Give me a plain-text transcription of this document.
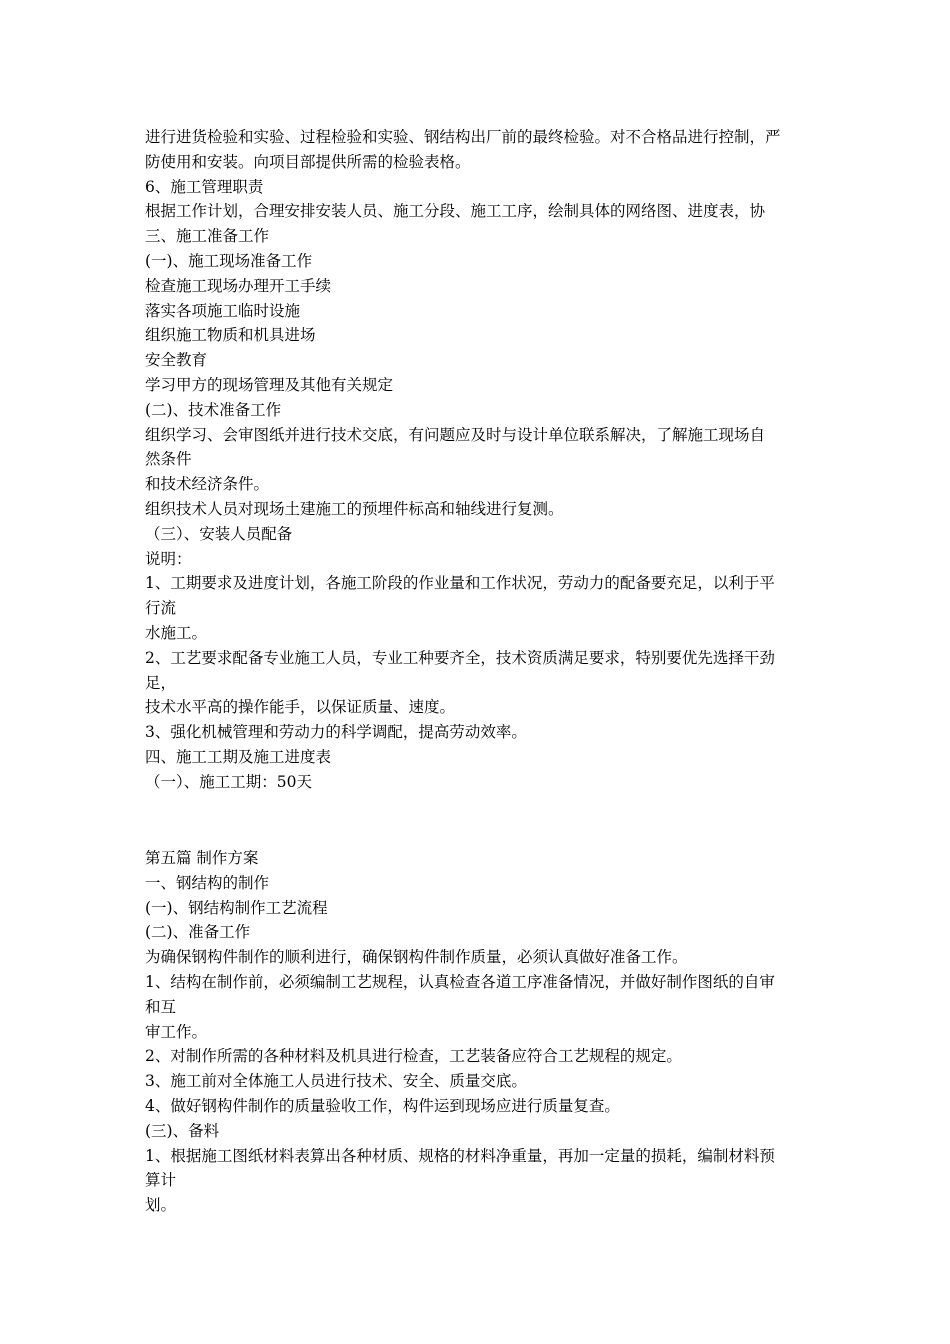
进行进货检验和实验、过程检验和实验、钢结构出厂前的最终检验。对不合格品进行控制，严
防使用和安装。向项目部提供所需的检验表格。
6、施工管理职责
根据工作计划，合理安排安装人员、施工分段、施工工序，绘制具体的网络图、进度表，协
三、施工准备工作
(一)、施工现场准备工作
检查施工现场办理开工手续
落实各项施工临时设施
组织施工物质和机具进场
安全教育
学习甲方的现场管理及其他有关规定
(二)、技术准备工作
组织学习、会审图纸并进行技术交底，有问题应及时与设计单位联系解决，了解施工现场自
然条件
和技术经济条件。
组织技术人员对现场土建施工的预埋件标高和轴线进行复测。
（三）、安装人员配备
说明：
1、工期要求及进度计划，各施工阶段的作业量和工作状况，劳动力的配备要充足，以利于平
行流
水施工。
2、工艺要求配备专业施工人员，专业工种要齐全，技术资质满足要求，特别要优先选择干劲
足，
技术水平高的操作能手，以保证质量、速度。
3、强化机械管理和劳动力的科学调配，提高劳动效率。
四、施工工期及施工进度表
（一）、施工工期：50天
第五篇 制作方案
一、钢结构的制作
(一)、钢结构制作工艺流程
(二)、准备工作
为确保钢构件制作的顺利进行，确保钢构件制作质量，必须认真做好准备工作。
1、结构在制作前，必须编制工艺规程，认真检查各道工序准备情况，并做好制作图纸的自审
和互
审工作。
2、对制作所需的各种材料及机具进行检查，工艺装备应符合工艺规程的规定。
3、施工前对全体施工人员进行技术、安全、质量交底。
4、做好钢构件制作的质量验收工作，构件运到现场应进行质量复查。
(三)、备料
1、根据施工图纸材料表算出各种材质、规格的材料净重量，再加一定量的损耗，编制材料预
算计
划。
